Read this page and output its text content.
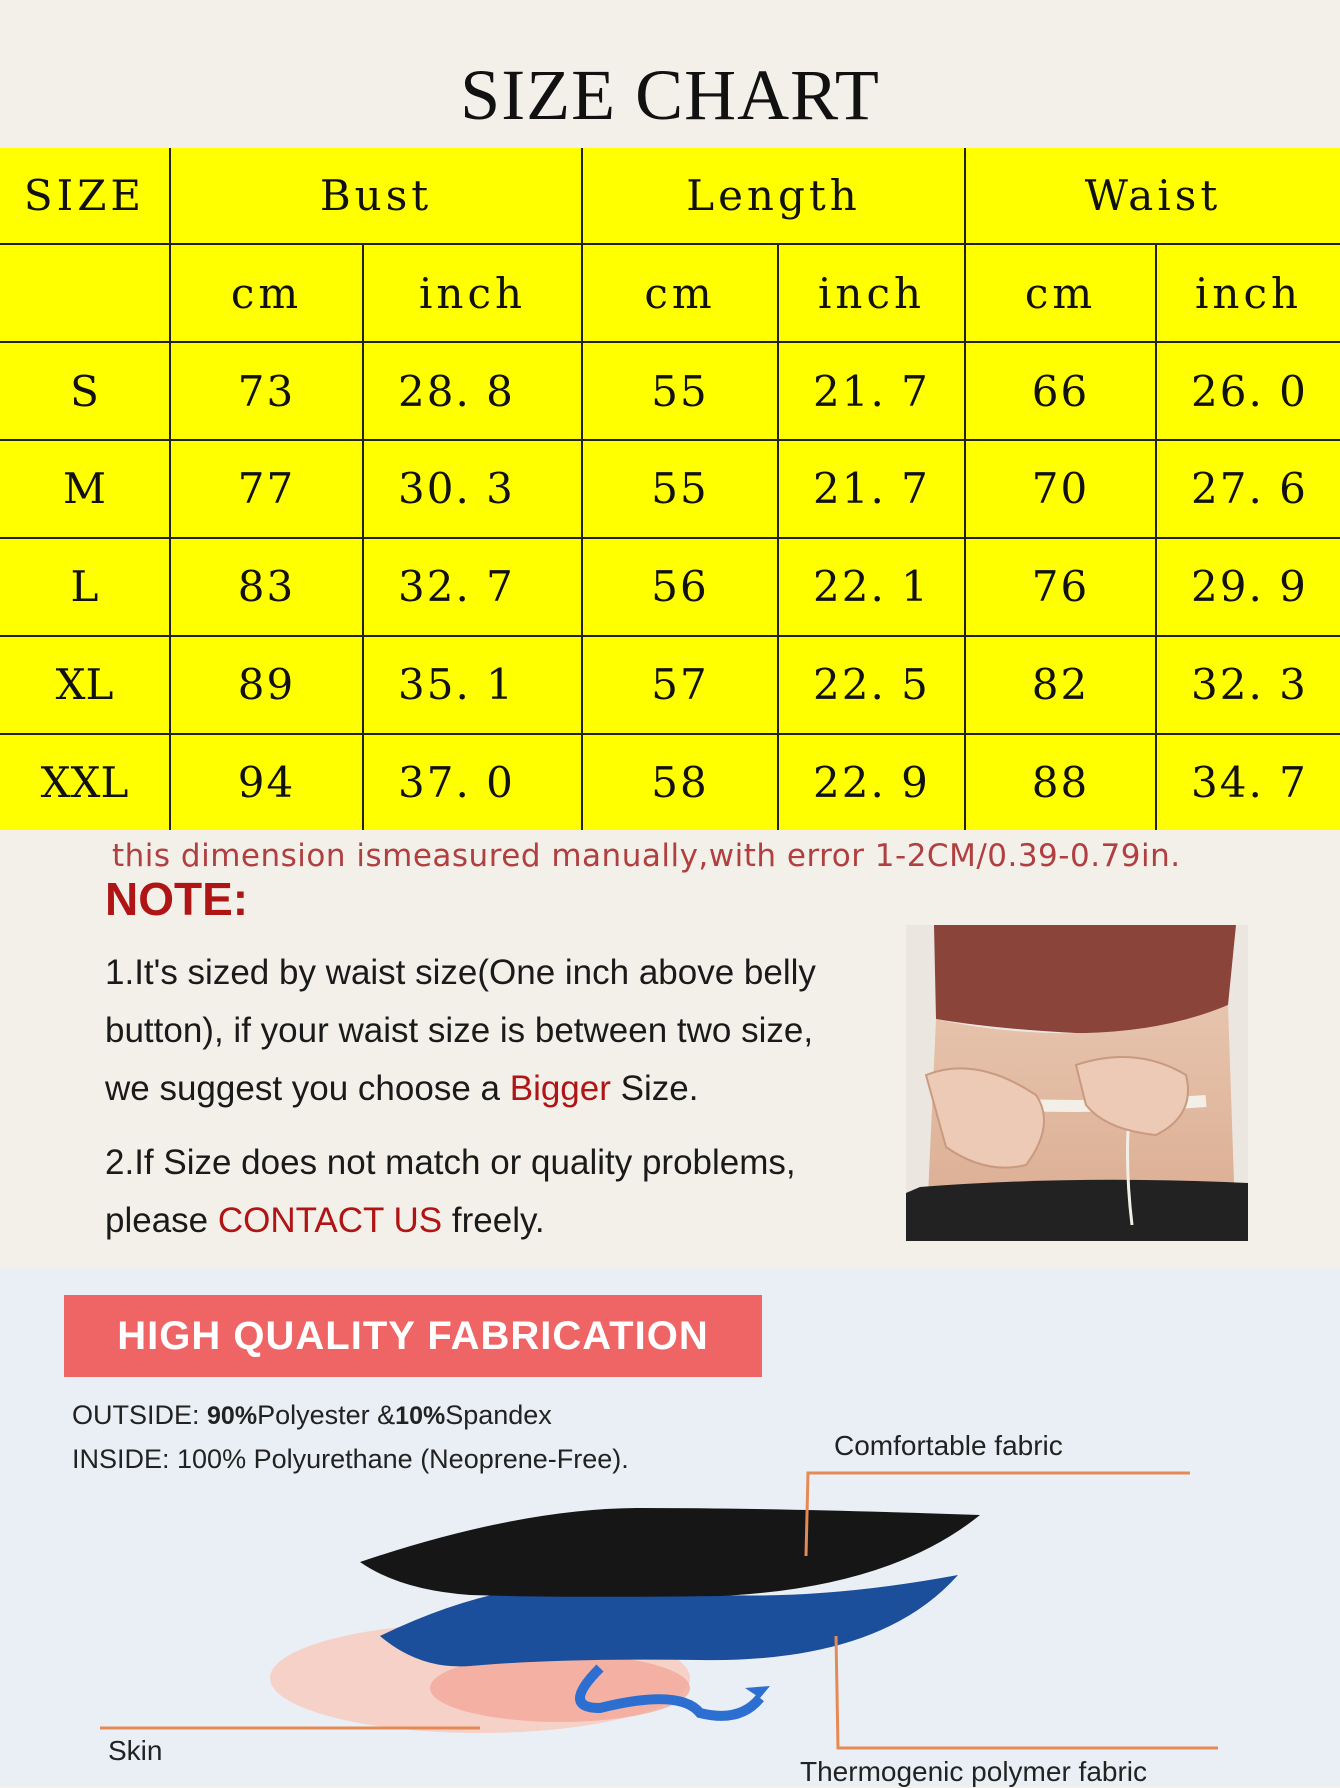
SIZE CHART
SIZE	Bust		Length		Waist	
	cm	inch	cm	inch	cm	inch
S	73	28. 8	55	21. 7	66	26. 0
M	77	30. 3	55	21. 7	70	27. 6
L	83	32. 7	56	22. 1	76	29. 9
XL	89	35. 1	57	22. 5	82	32. 3
XXL	94	37. 0	58	22. 9	88	34. 7
this dimension ismeasured manually,with error 1-2CM/0.39-0.79in.
NOTE:

1.It's sized by waist size(One inch above belly button), if your waist size is between two size, we suggest you choose a Bigger Size.

2.If Size does not match or quality problems, please CONTACT US freely.

HIGH QUALITY FABRICATION
OUTSIDE: 90%Polyester &10%Spandex
INSIDE: 100% Polyurethane (Neoprene-Free).	Comfortable fabric
Skin
Thermogenic polymer fabric
